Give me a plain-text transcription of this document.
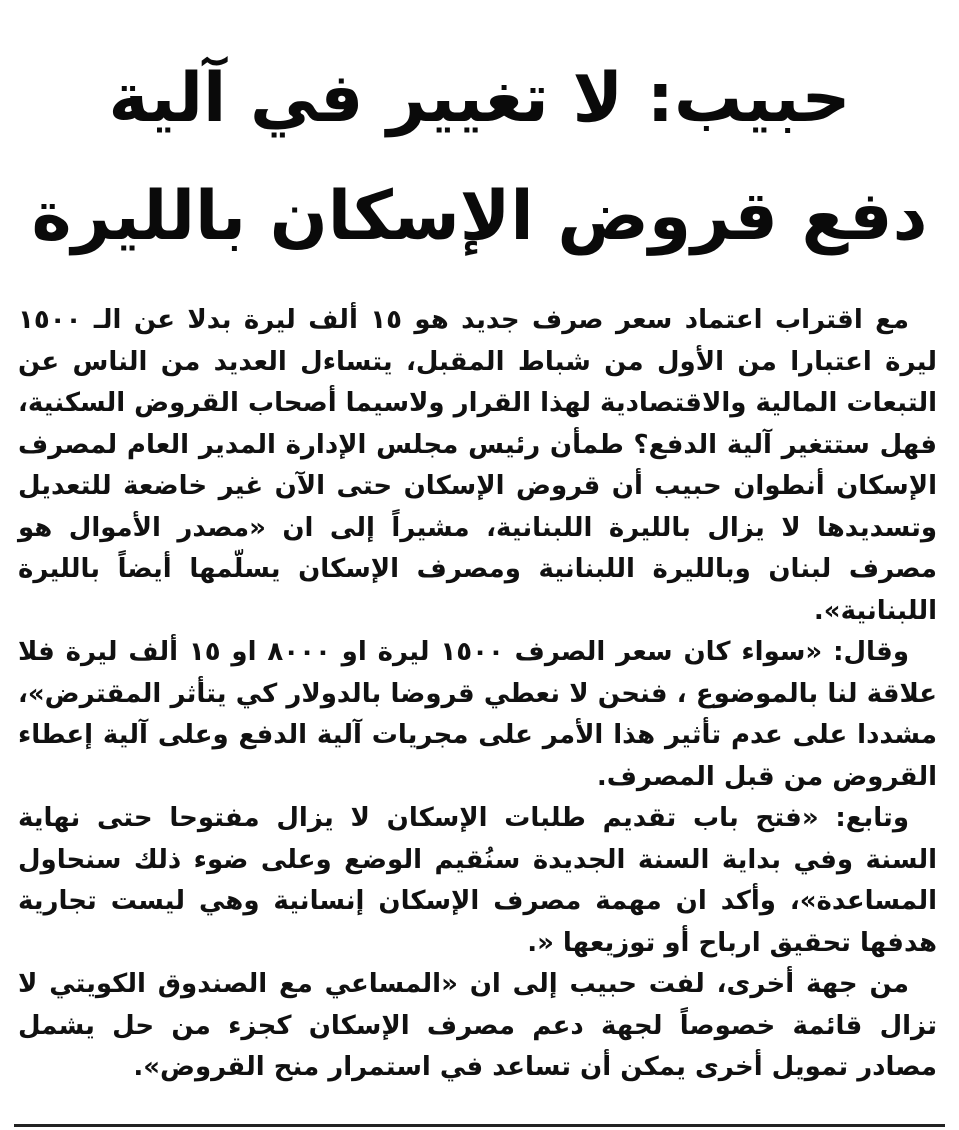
حبيب: لا تغيير في آلية
دفع قروض الإسكان بالليرة

مع اقتراب اعتماد سعر صرف جديد هو ١٥ ألف ليرة بدلا عن الـ ١٥٠٠ ليرة اعتبارا من الأول من شباط المقبل، يتساءل العديد من الناس عن التبعات المالية والاقتصادية لهذا القرار ولاسيما أصحاب القروض السكنية، فهل ستتغير آلية الدفع؟ طمأن رئيس مجلس الإدارة المدير العام لمصرف الإسكان أنطوان حبيب أن قروض الإسكان حتى الآن غير خاضعة للتعديل وتسديدها لا يزال بالليرة اللبنانية، مشيراً إلى ان «مصدر الأموال هو مصرف لبنان وبالليرة اللبنانية ومصرف الإسكان يسلّمها أيضاً بالليرة اللبنانية».

وقال: «سواء كان سعر الصرف ١٥٠٠ ليرة او ٨٠٠٠ او ١٥ ألف ليرة فلا علاقة لنا بالموضوع ، فنحن لا نعطي قروضا بالدولار كي يتأثر المقترض»، مشددا على عدم تأثير هذا الأمر على مجريات آلية الدفع وعلى آلية إعطاء القروض من قبل المصرف.

وتابع: «فتح باب تقديم طلبات الإسكان لا يزال مفتوحا حتى نهاية السنة وفي بداية السنة الجديدة سنُقيم الوضع وعلى ضوء ذلك سنحاول المساعدة»، وأكد ان مهمة مصرف الإسكان إنسانية وهي ليست تجارية هدفها تحقيق ارباح أو توزيعها «.

من جهة أخرى، لفت حبيب إلى ان «المساعي مع الصندوق الكويتي لا تزال قائمة خصوصاً لجهة دعم مصرف الإسكان كجزء من حل يشمل مصادر تمويل أخرى يمكن أن تساعد في استمرار منح القروض».
